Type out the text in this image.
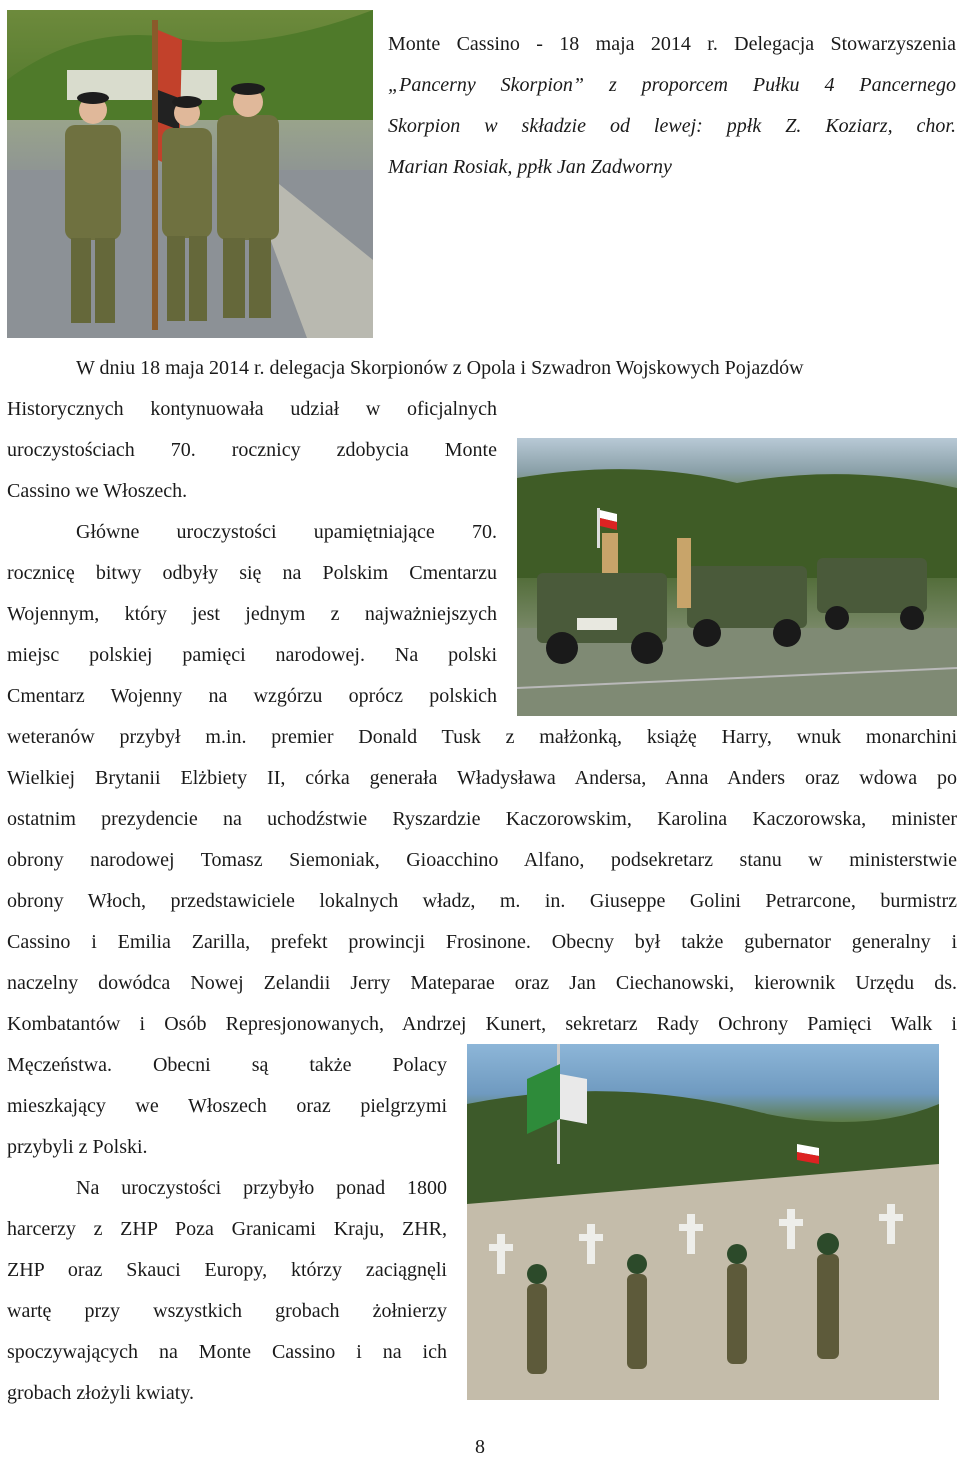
Monte Cassino - 18 maja 2014 r. Delegacja Stowarzyszenia
„Pancerny Skorpion” z proporcem Pułku 4 Pancernego
Skorpion w składzie od lewej: ppłk Z. Koziarz, chor.
Marian Rosiak, ppłk Jan Zadworny
W dniu 18 maja 2014 r. delegacja Skorpionów z Opola i Szwadron Wojskowych Pojazdów
Historycznych kontynuowała udział w oficjalnych
uroczystościach 70. rocznicy zdobycia Monte
Cassino we Włoszech.
Główne uroczystości upamiętniające 70.
rocznicę bitwy odbyły się na Polskim Cmentarzu
Wojennym, który jest jednym z najważniejszych
miejsc polskiej pamięci narodowej. Na polski
Cmentarz Wojenny na wzgórzu oprócz polskich
weteranów przybył m.in. premier Donald Tusk z małżonką, książę Harry, wnuk monarchini
Wielkiej Brytanii Elżbiety II, córka generała Władysława Andersa, Anna Anders oraz wdowa po
ostatnim prezydencie na uchodźstwie Ryszardzie Kaczorowskim, Karolina Kaczorowska, minister
obrony narodowej Tomasz Siemoniak, Gioacchino Alfano, podsekretarz stanu w ministerstwie
obrony Włoch, przedstawiciele lokalnych władz, m. in. Giuseppe Golini Petrarcone, burmistrz
Cassino i Emilia Zarilla, prefekt prowincji Frosinone. Obecny był także gubernator generalny i
naczelny dowódca Nowej Zelandii Jerry Mateparae oraz Jan Ciechanowski, kierownik Urzędu ds.
Kombatantów i Osób Represjonowanych, Andrzej Kunert, sekretarz Rady Ochrony Pamięci Walk i
Męczeństwa. Obecni są także Polacy
mieszkający we Włoszech oraz pielgrzymi
przybyli z Polski.
Na uroczystości przybyło ponad 1800
harcerzy z ZHP Poza Granicami Kraju, ZHR,
ZHP oraz Skauci Europy, którzy zaciągnęli
wartę przy wszystkich grobach żołnierzy
spoczywających na Monte Cassino i na ich
grobach złożyli kwiaty.
8
